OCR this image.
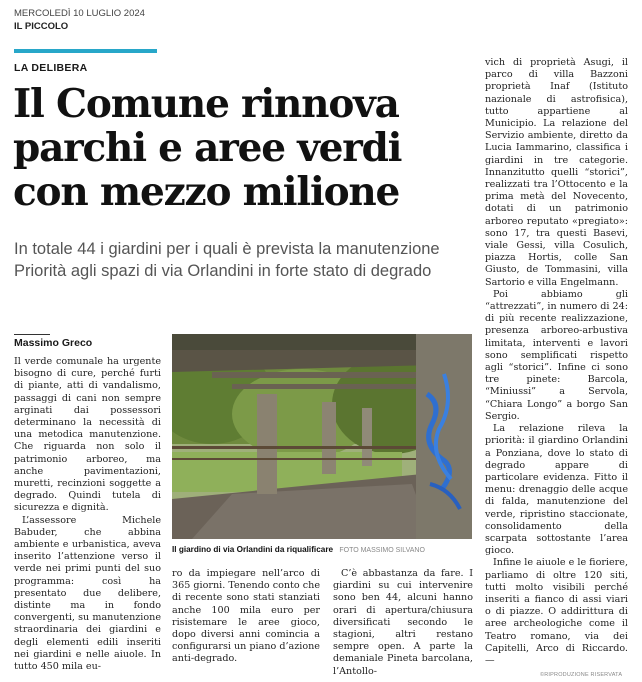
MERCOLEDÌ 10 LUGLIO 2024
IL PICCOLO
LA DELIBERA
Il Comune rinnova
parchi e aree verdi
con mezzo milione
In totale 44 i giardini per i quali è prevista la manutenzione
Priorità agli spazi di via Orlandini in forte stato di degrado
Massimo Greco

Il verde comunale ha urgente bisogno di cure, perché furti di piante, atti di vandalismo, passaggi di cani non sempre arginati dai possessori determinano la necessità di una metodica manutenzione. Che riguarda non solo il patrimonio arboreo, ma anche pavimentazioni, muretti, recinzioni soggette a degrado. Quindi tutela di sicurezza e dignità.

L’assessore Michele Babuder, che abbina ambiente e urbanistica, aveva inserito l’attenzione verso il verde nei primi punti del suo programma: così ha presentato due delibere, distinte ma in fondo convergenti, su manutenzione straordinaria dei giardini e degli elementi edili inseriti nei giardini e nelle aiuole. In tutto 450 mila eu-

Il giardino di via Orlandini da riqualificare FOTO MASSIMO SILVANO

ro da impiegare nell’arco di 365 giorni. Tenendo conto che di recente sono stati stanziati anche 100 mila euro per risistemare le aree gioco, dopo diversi anni comincia a configurarsi un piano d’azione anti-degrado.

C’è abbastanza da fare. I giardini su cui intervenire sono ben 44, alcuni hanno orari di apertura/chiusura diversificati secondo le stagioni, altri restano sempre open. A parte la demaniale Pineta barcolana, l’Antollo-

vich di proprietà Asugi, il parco di villa Bazzoni proprietà Inaf (Istituto nazionale di astrofisica), tutto appartiene al Municipio. La relazione del Servizio ambiente, diretto da Lucia Iammarino, classifica i giardini in tre categorie. Innanzitutto quelli “storici”, realizzati tra l’Ottocento e la prima metà del Novecento, dotati di un patrimonio arboreo reputato «pregiato»: sono 17, tra questi Basevi, viale Gessi, villa Cosulich, piazza Hortis, colle San Giusto, de Tommasini, villa Sartorio e villa Engelmann.

Poi abbiamo gli “attrezzati”, in numero di 24: di più recente realizzazione, presenza arboreo-arbustiva limitata, interventi e lavori sono semplificati rispetto agli “storici”. Infine ci sono tre pinete: Barcola, “Miniussi” a Servola, “Chiara Longo” a borgo San Sergio.

La relazione rileva la priorità: il giardino Orlandini a Ponziana, dove lo stato di degrado appare di particolare evidenza. Fitto il menu: drenaggio delle acque di falda, manutenzione del verde, ripristino staccionate, consolidamento della scarpata sottostante l’area gioco.

Infine le aiuole e le fioriere, parliamo di oltre 120 siti, tutti molto visibili perché inseriti a fianco di assi viari o di piazze. O addirittura di aree archeologiche come il Teatro romano, via dei Capitelli, Arco di Riccardo. —

©RIPRODUZIONE RISERVATA
